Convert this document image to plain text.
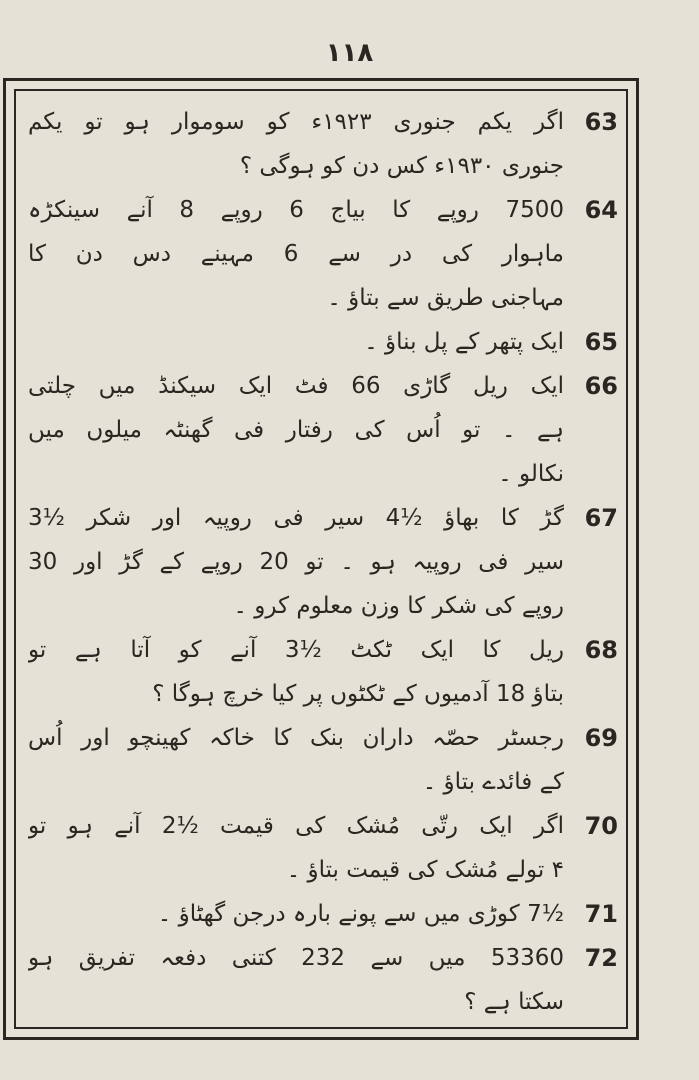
۱۱۸
63
اگر یکم جنوری ۱۹۲۳ء کو سوموار ہو تو یکم
جنوری ۱۹۳۰ء کس دن کو ہوگی ؟
64
7500 روپے کا بیاج 6 روپے 8 آنے سینکڑہ
ماہوار کی در سے 6 مہینے دس دن کا
مہاجنی طریق سے بتاؤ ۔
65
ایک پتھر کے پل بناؤ ۔
66
ایک ریل گاڑی 66 فٹ ایک سیکنڈ میں چلتی
ہے ۔ تو اُس کی رفتار فی گھنٹہ میلوں میں
نکالو ۔
67
گڑ کا بھاؤ ½4 سیر فی روپیہ اور شکر ½3
سیر فی روپیہ ہو ۔ تو 20 روپے کے گڑ اور 30
روپے کی شکر کا وزن معلوم کرو ۔
68
ریل کا ایک ٹکٹ ½3 آنے کو آتا ہے تو
بتاؤ 18 آدمیوں کے ٹکٹوں پر کیا خرچ ہوگا ؟
69
رجسٹر حصّہ داران بنک کا خاکہ کھینچو اور اُس
کے فائدے بتاؤ ۔
70
اگر ایک رتّی مُشک کی قیمت ½2 آنے ہو تو
۴ تولے مُشک کی قیمت بتاؤ ۔
71
½7 کوڑی میں سے پونے بارہ درجن گھٹاؤ ۔
72
53360 میں سے 232 کتنی دفعہ تفریق ہو
سکتا ہے ؟
